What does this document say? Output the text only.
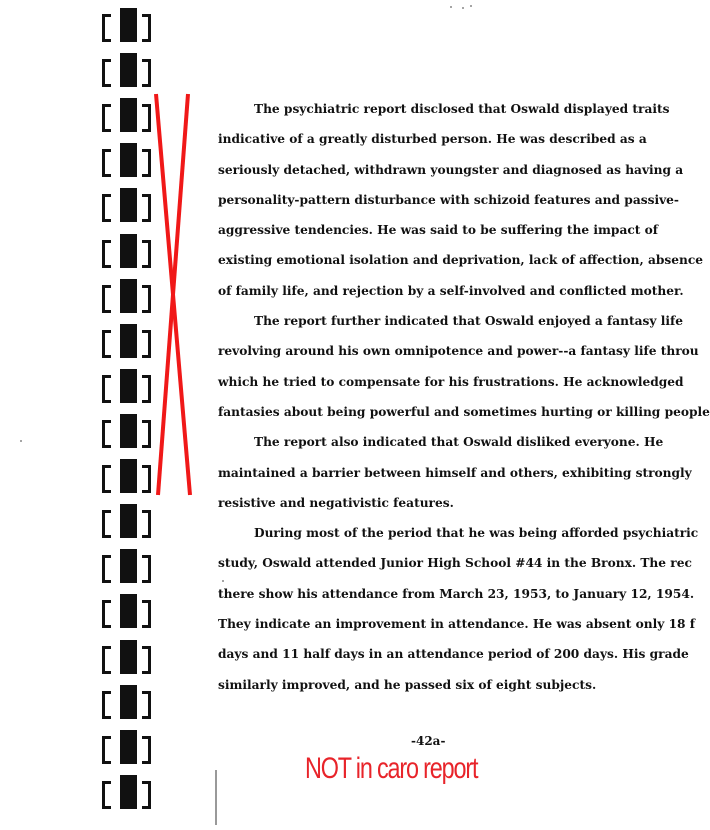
The psychiatric report disclosed that Oswald displayed traits
indicative of a greatly disturbed person. He was described as a
seriously detached, withdrawn youngster and diagnosed as having a
personality-pattern disturbance with schizoid features and passive-
aggressive tendencies. He was said to be suffering the impact of
existing emotional isolation and deprivation, lack of affection, absence
of family life, and rejection by a self-involved and conflicted mother.

The report further indicated that Oswald enjoyed a fantasy life
revolving around his own omnipotence and power--a fantasy life throu
which he tried to compensate for his frustrations. He acknowledged
fantasies about being powerful and sometimes hurting or killing people

The report also indicated that Oswald disliked everyone. He
maintained a barrier between himself and others, exhibiting strongly
resistive and negativistic features.

During most of the period that he was being afforded psychiatric
study, Oswald attended Junior High School #44 in the Bronx. The rec
there show his attendance from March 23, 1953, to January 12, 1954.
They indicate an improvement in attendance. He was absent only 18 f
days and 11 half days in an attendance period of 200 days. His grade
similarly improved, and he passed six of eight subjects.

-42a-
NOT in caro report
